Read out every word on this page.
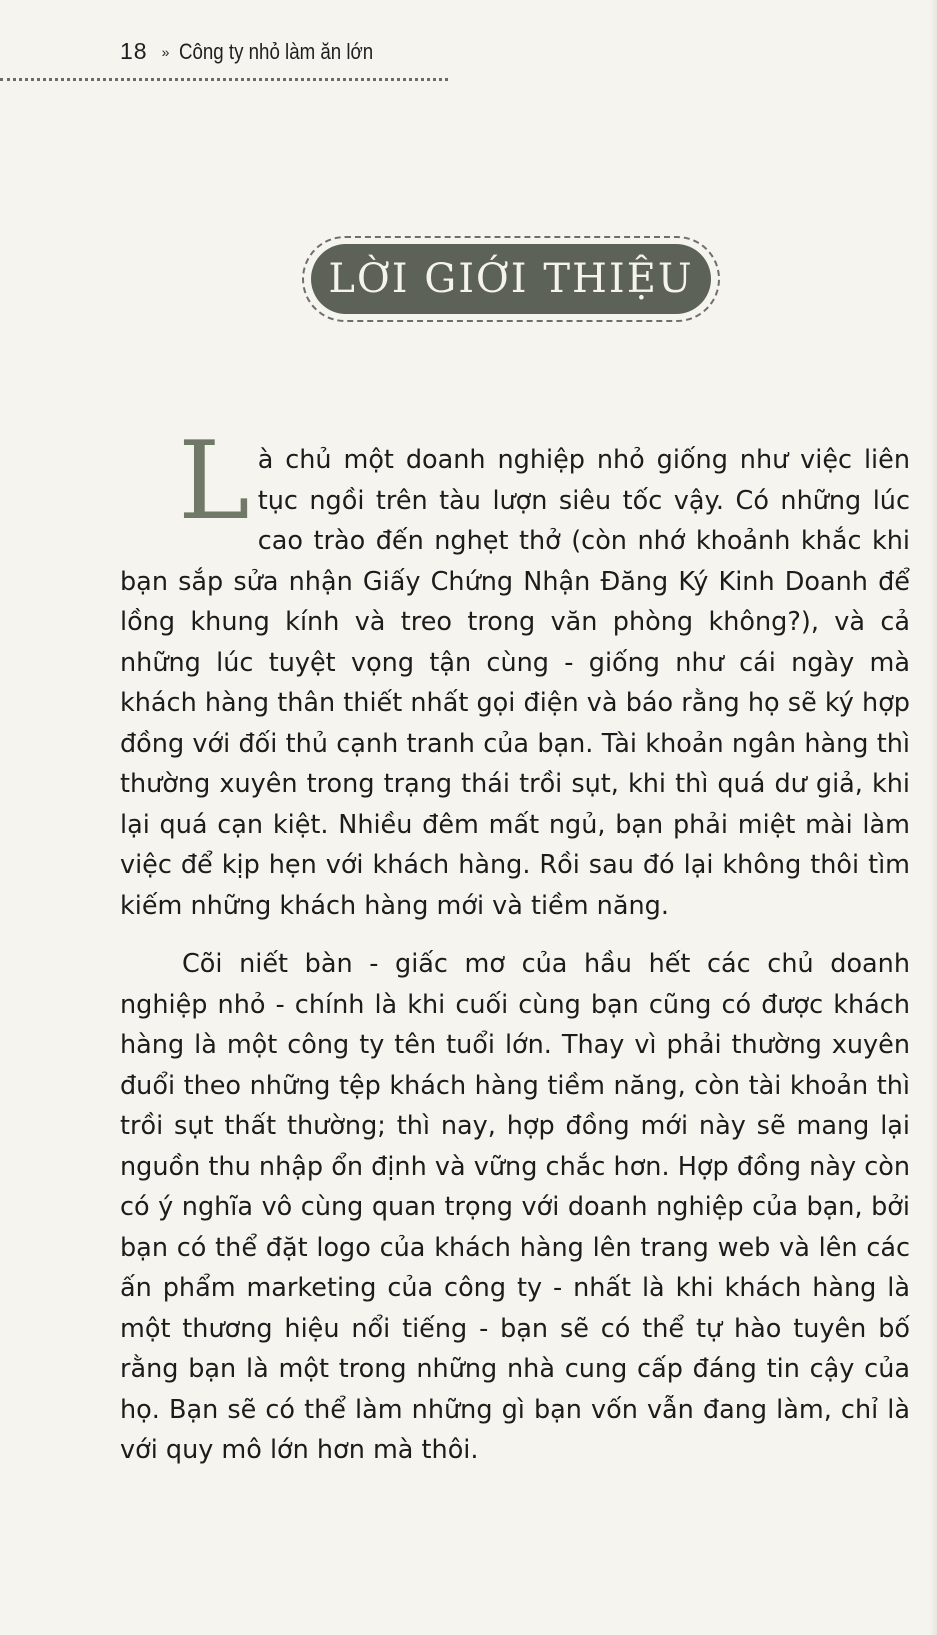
18 » Công ty nhỏ làm ăn lớn
LỜI GIỚI THIỆU

Là chủ một doanh nghiệp nhỏ giống như việc liên tục ngồi trên tàu lượn siêu tốc vậy. Có những lúc cao trào đến nghẹt thở (còn nhớ khoảnh khắc khi bạn sắp sửa nhận Giấy Chứng Nhận Đăng Ký Kinh Doanh để lồng khung kính và treo trong văn phòng không?), và cả những lúc tuyệt vọng tận cùng - giống như cái ngày mà khách hàng thân thiết nhất gọi điện và báo rằng họ sẽ ký hợp đồng với đối thủ cạnh tranh của bạn. Tài khoản ngân hàng thì thường xuyên trong trạng thái trồi sụt, khi thì quá dư giả, khi lại quá cạn kiệt. Nhiều đêm mất ngủ, bạn phải miệt mài làm việc để kịp hẹn với khách hàng. Rồi sau đó lại không thôi tìm kiếm những khách hàng mới và tiềm năng.

Cõi niết bàn - giấc mơ của hầu hết các chủ doanh nghiệp nhỏ - chính là khi cuối cùng bạn cũng có được khách hàng là một công ty tên tuổi lớn. Thay vì phải thường xuyên đuổi theo những tệp khách hàng tiềm năng, còn tài khoản thì trồi sụt thất thường; thì nay, hợp đồng mới này sẽ mang lại nguồn thu nhập ổn định và vững chắc hơn. Hợp đồng này còn có ý nghĩa vô cùng quan trọng với doanh nghiệp của bạn, bởi bạn có thể đặt logo của khách hàng lên trang web và lên các ấn phẩm marketing của công ty - nhất là khi khách hàng là một thương hiệu nổi tiếng - bạn sẽ có thể tự hào tuyên bố rằng bạn là một trong những nhà cung cấp đáng tin cậy của họ. Bạn sẽ có thể làm những gì bạn vốn vẫn đang làm, chỉ là với quy mô lớn hơn mà thôi.
